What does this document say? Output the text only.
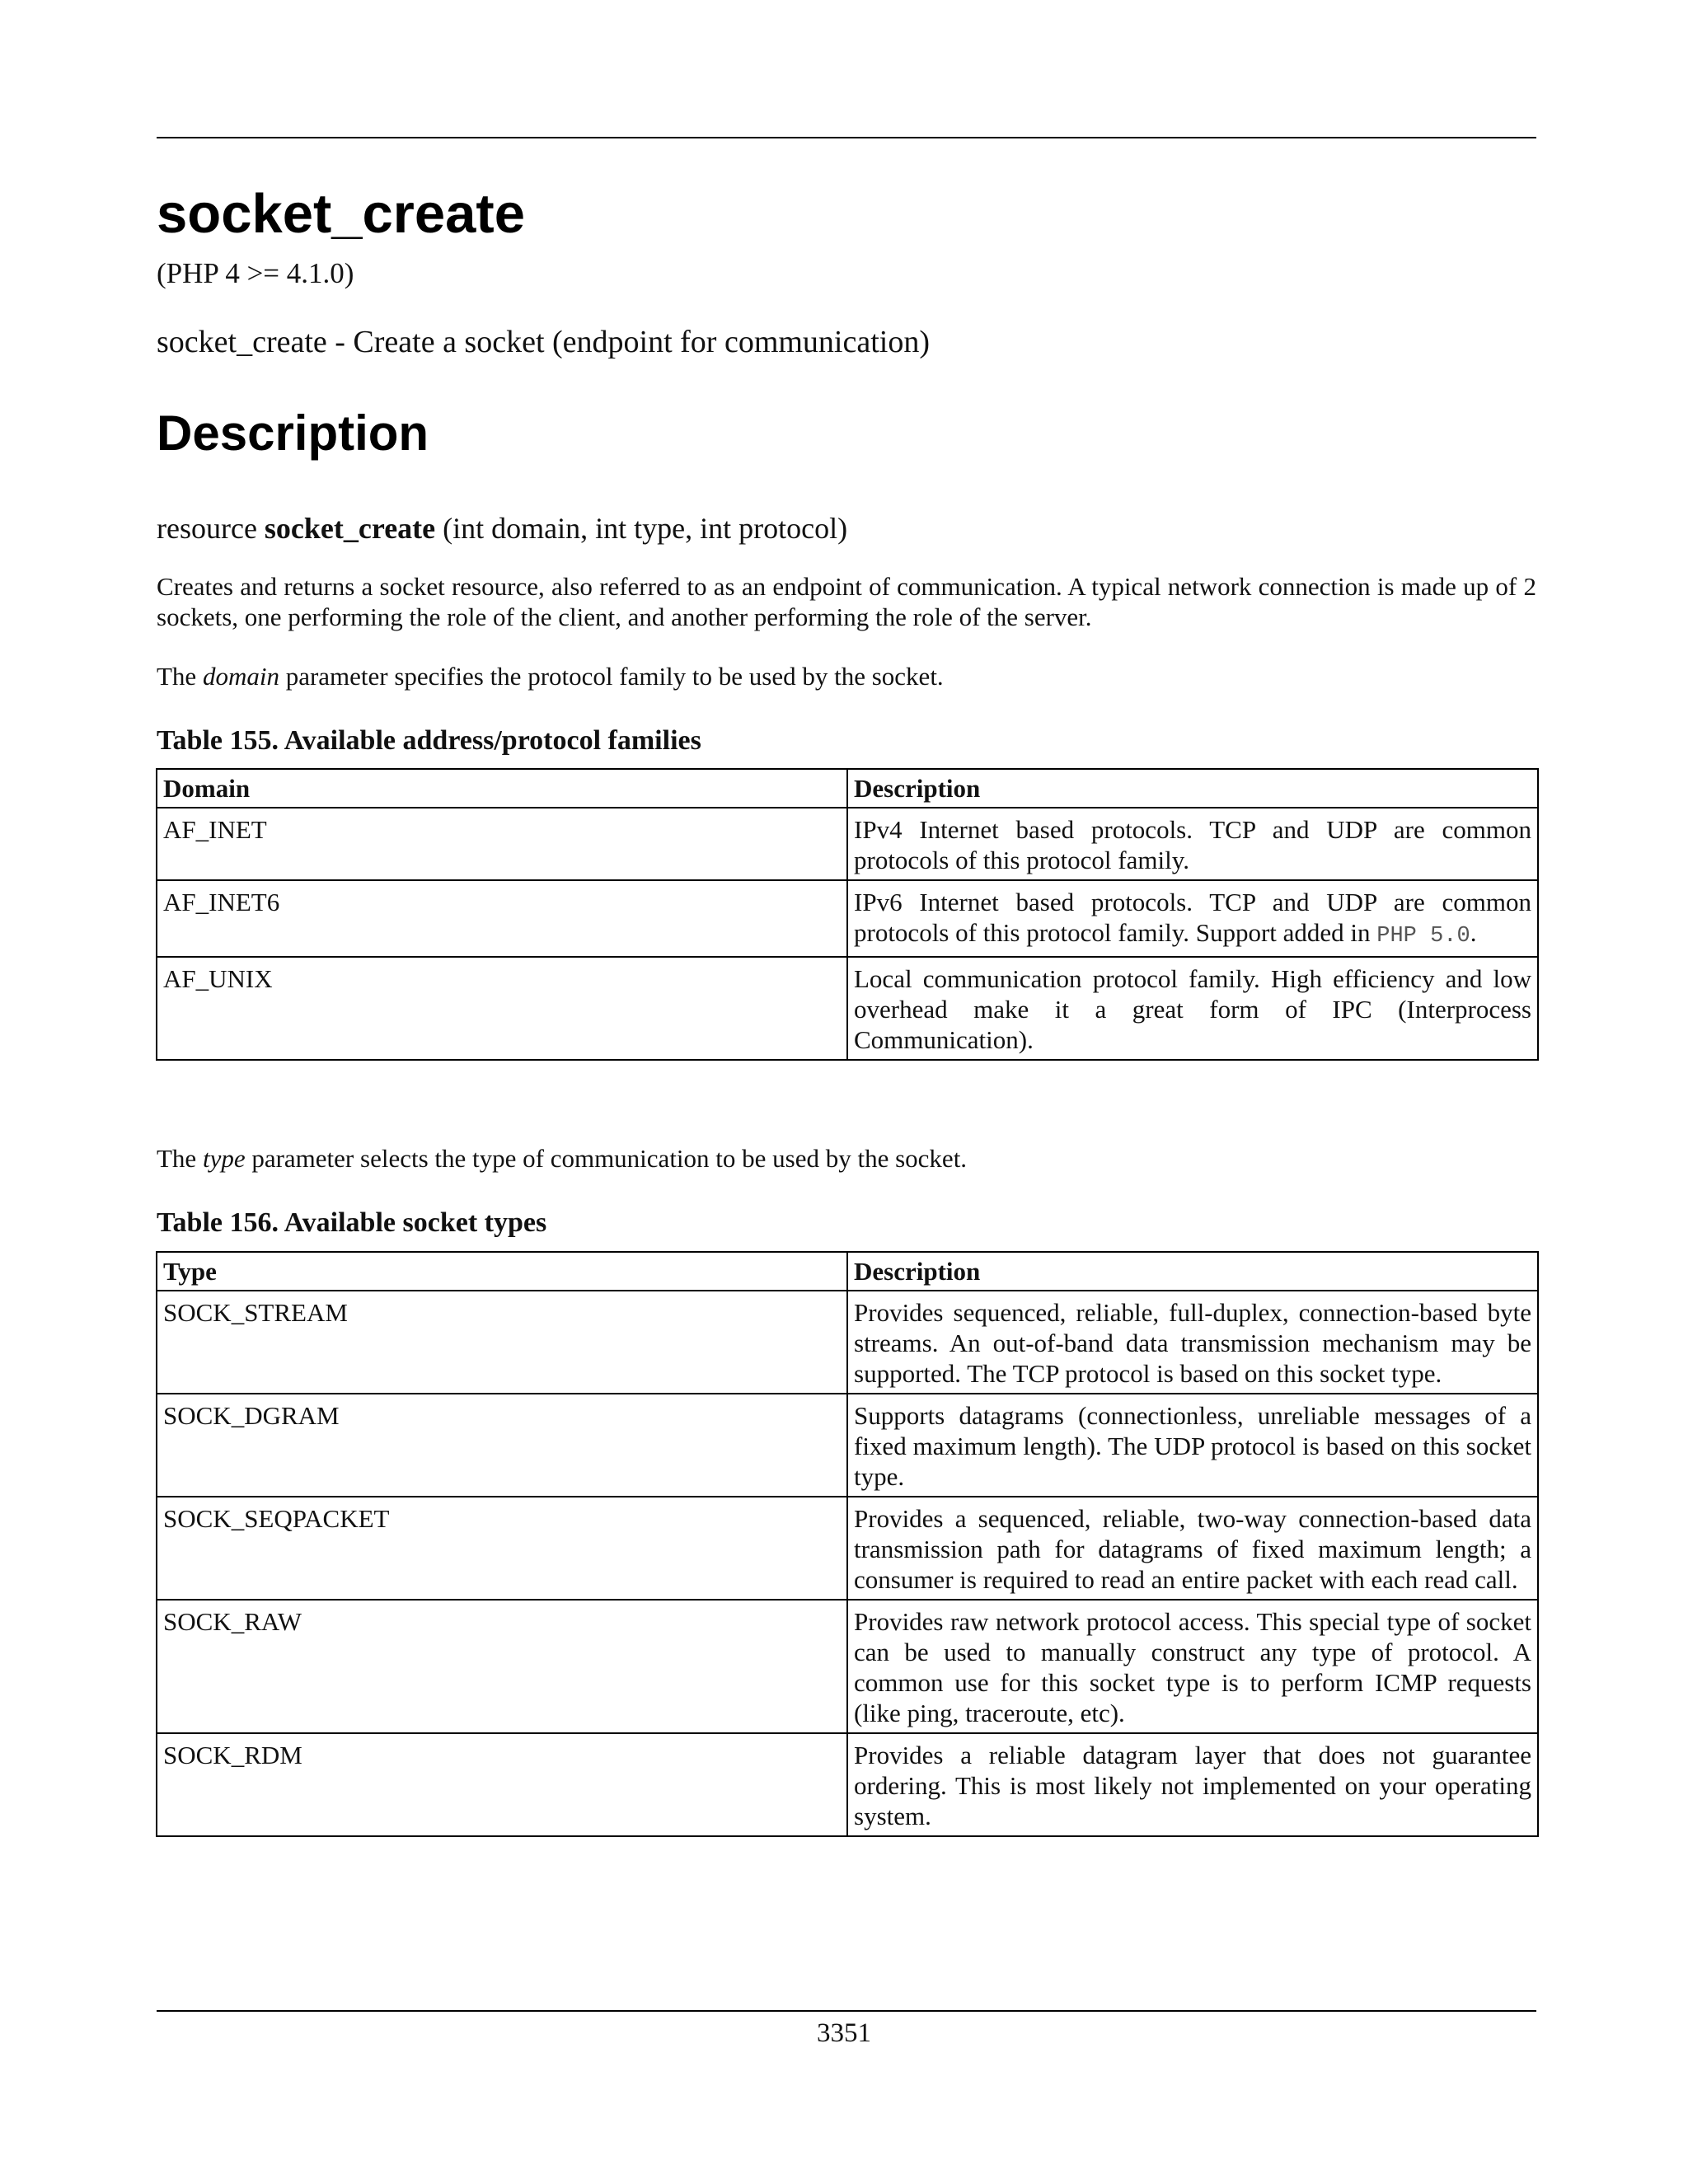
socket_create
(PHP 4 >= 4.1.0)
socket_create - Create a socket (endpoint for communication)
Description
resource socket_create (int domain, int type, int protocol)
Creates and returns a socket resource, also referred to as an endpoint of communication. A typical network connection is made up of 2 sockets, one performing the role of the client, and another performing the role of the server.
The domain parameter specifies the protocol family to be used by the socket.
Table 155. Available address/protocol families
Domain	Description
AF_INET	IPv4 Internet based protocols. TCP and UDP are common protocols of this protocol family.
AF_INET6	IPv6 Internet based protocols. TCP and UDP are common protocols of this protocol family. Support added in PHP 5.0.
AF_UNIX	Local communication protocol family. High efficiency and low overhead make it a great form of IPC (Interprocess Communication).
The type parameter selects the type of communication to be used by the socket.
Table 156. Available socket types
Type	Description
SOCK_STREAM	Provides sequenced, reliable, full-duplex, connection-based byte streams. An out-of-band data transmission mechanism may be supported. The TCP protocol is based on this socket type.
SOCK_DGRAM	Supports datagrams (connectionless, unreliable messages of a fixed maximum length). The UDP protocol is based on this socket type.
SOCK_SEQPACKET	Provides a sequenced, reliable, two-way connection-based data transmission path for datagrams of fixed maximum length; a consumer is required to read an entire packet with each read call.
SOCK_RAW	Provides raw network protocol access. This special type of socket can be used to manually construct any type of protocol. A common use for this socket type is to perform ICMP requests (like ping, traceroute, etc).
SOCK_RDM	Provides a reliable datagram layer that does not guarantee ordering. This is most likely not implemented on your operating system.
3351
